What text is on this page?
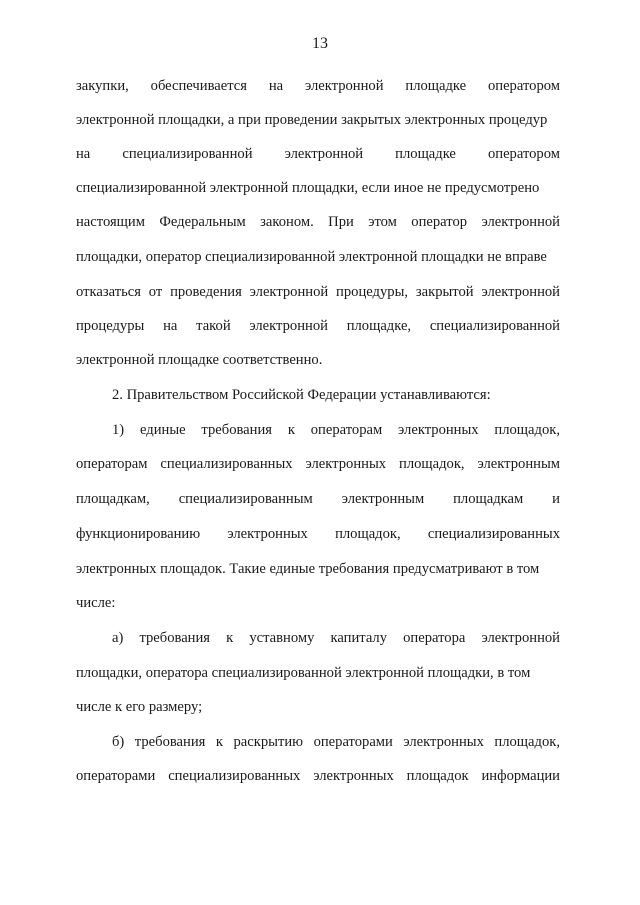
13
закупки, обеспечивается на электронной площадке оператором
электронной площадки, а при проведении закрытых электронных процедур
на специализированной электронной площадке оператором
специализированной электронной площадки, если иное не предусмотрено
настоящим Федеральным законом. При этом оператор электронной
площадки, оператор специализированной электронной площадки не вправе
отказаться от проведения электронной процедуры, закрытой электронной
процедуры на такой электронной площадке, специализированной
электронной площадке соответственно.
2. Правительством Российской Федерации устанавливаются:
1) единые требования к операторам электронных площадок,
операторам специализированных электронных площадок, электронным
площадкам, специализированным электронным площадкам и
функционированию электронных площадок, специализированных
электронных площадок. Такие единые требования предусматривают в том
числе:
а) требования к уставному капиталу оператора электронной
площадки, оператора специализированной электронной площадки, в том
числе к его размеру;
б) требования к раскрытию операторами электронных площадок,
операторами специализированных электронных площадок информации
